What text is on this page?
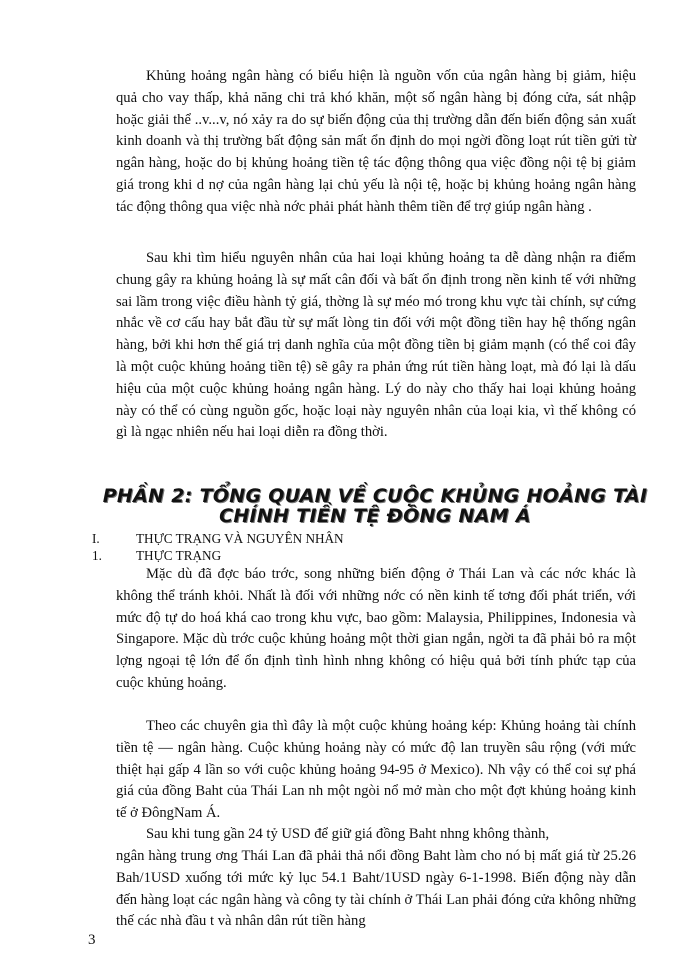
Khủng hoảng ngân hàng có biểu hiện là nguồn vốn của ngân hàng bị giảm, hiệu quả cho vay thấp, khả năng chi trả khó khăn, một số ngân hàng bị đóng cửa, sát nhập hoặc giải thể ..v...v, nó xảy ra do sự biến động của thị trường dẫn đến biến động sản xuất kinh doanh và thị trường bất động sản mất ổn định do mọi ngời đồng loạt rút tiền gửi từ ngân hàng, hoặc do bị khủng hoảng tiền tệ tác động thông qua việc đồng nội tệ bị giảm giá trong khi d nợ của ngân hàng lại chủ yếu là nội tệ, hoặc bị khủng hoảng ngân hàng tác động thông qua việc nhà nớc phải phát hành thêm tiền để trợ giúp ngân hàng .

Sau khi tìm hiểu nguyên nhân của hai loại khủng hoảng ta dễ dàng nhận ra điểm chung gây ra khủng hoảng là sự mất cân đối và bất ổn định trong nền kinh tế với những sai lầm trong việc điều hành tỷ giá, thờng là sự méo mó trong khu vực tài chính, sự cứng nhắc về cơ cấu hay bắt đầu từ sự mất lòng tin đối với một đồng tiền hay hệ thống ngân hàng, bởi khi hơn thế giá trị danh nghĩa của một đồng tiền bị giảm mạnh (có thể coi đây là một cuộc khủng hoảng tiền tệ) sẽ gây ra phản ứng rút tiền hàng loạt, mà đó lại là dấu hiệu của một cuộc khủng hoảng ngân hàng. Lý do này cho thấy hai loại khủng hoảng này có thể có cùng nguồn gốc, hoặc loại này nguyên nhân của loại kia, vì thế không có gì là ngạc nhiên nếu hai loại diễn ra đồng thời.

PHẦN 2: TỔNG QUAN VỀ CUỘC KHỦNG HOẢNG TÀI
CHÍNH TIỀN TỆ ĐÔNG NAM Á
I.	THỰC TRẠNG VÀ NGUYÊN NHÂN
1.	THỰC TRẠNG

Mặc dù đã đợc báo trớc, song những biến động ở Thái Lan và các nớc khác là không thể tránh khỏi. Nhất là đối với những nớc có nền kinh tế tơng đối phát triển, với mức độ tự do hoá khá cao trong khu vực, bao gồm: Malaysia, Philippines, Indonesia và Singapore. Mặc dù trớc cuộc khủng hoảng một thời gian ngắn, ngời ta đã phải bỏ ra một lợng ngoại tệ lớn để ổn định tình hình nhng không có hiệu quả bởi tính phức tạp của cuộc khủng hoảng.

Theo các chuyên gia thì đây là một cuộc khủng hoảng kép: Khủng hoảng tài chính tiền tệ — ngân hàng. Cuộc khủng hoảng này có mức độ lan truyền sâu rộng (với mức thiệt hại gấp 4 lần so với cuộc khủng hoảng 94-95 ở Mexico). Nh vậy có thể coi sự phá giá của đồng Baht của Thái Lan nh một ngòi nổ mở màn cho một đợt khủng hoảng kinh tế ở ĐôngNam Á.

Sau khi tung gần 24 tỷ USD để giữ giá đồng Baht nhng không thành,

ngân hàng trung ơng Thái Lan đã phải thả nổi đồng Baht làm cho nó bị mất giá từ 25.26 Bah/1USD xuống tới mức kỷ lục 54.1 Baht/1USD ngày 6-1-1998. Biến động này dẫn đến hàng loạt các ngân hàng và công ty tài chính ở Thái Lan phải đóng cửa không những thế các nhà đầu t và nhân dân rút tiền hàng

3
